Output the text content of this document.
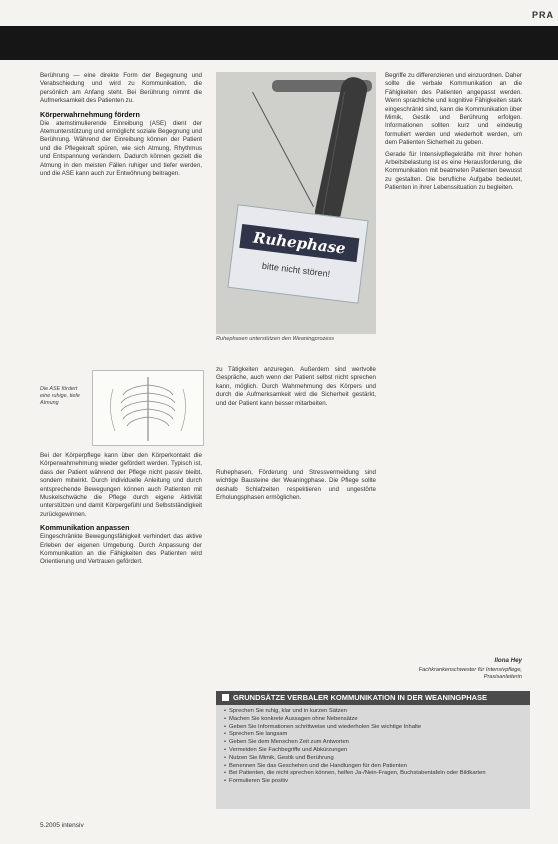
PRA

Berührung — eine direkte Form der Begegnung und Verabschiedung und wird zu Kommunikation, die persönlich am Anfang steht. Bei Berührung nimmt die Aufmerksamkeit des Patienten zu.

Körperwahrnehmung fördern

Die atemstimulierende Einreibung (ASE) dient der Atemunterstützung und ermöglicht soziale Begegnung und Berührung. Während der Einreibung können der Patient und die Pflegekraft spüren, wie sich Atmung, Rhythmus und Entspannung verändern. Dadurch können gezielt die Atmung in den meisten Fällen ruhiger und tiefer werden, und die ASE kann auch zur Entwöhnung beitragen.

Die ASE fördert eine ruhige, tiefe Atmung

Bei der Körperpflege kann über den Körperkontakt die Körperwahrnehmung wieder gefördert werden. Typisch ist, dass der Patient während der Pflege nicht passiv bleibt, sondern mitwirkt. Durch individuelle Anleitung und durch entsprechende Bewegungen können auch Patienten mit Muskelschwäche die Pflege durch eigene Aktivität unterstützen und damit Körpergefühl und Selbstständigkeit zurückgewinnen.

Kommunikation anpassen

Eingeschränkte Bewegungsfähigkeit verhindert das aktive Erleben der eigenen Umgebung. Durch Anpassung der Kommunikation an die Fähigkeiten des Patienten wird Orientierung und Vertrauen gefördert.

Ruhephase
bitte nicht stören!
Ruhephasen unterstützen den Weaningprozess

zu Tätigkeiten anzuregen. Außerdem sind wertvolle Gespräche, auch wenn der Patient selbst nicht sprechen kann, möglich. Durch Wahrnehmung des Körpers und durch die Aufmerksamkeit wird die Sicherheit gestärkt, und der Patient kann besser mitarbeiten.

Ruhephasen, Förderung und Stressvermeidung sind wichtige Bausteine der Weaningphase. Die Pflege sollte deshalb Schlafzeiten respektieren und ungestörte Erholungsphasen ermöglichen.

Begriffe zu differenzieren und einzuordnen. Daher sollte die verbale Kommunikation an die Fähigkeiten des Patienten angepasst werden. Wenn sprachliche und kognitive Fähigkeiten stark eingeschränkt sind, kann die Kommunikation über Mimik, Gestik und Berührung erfolgen. Informationen sollten kurz und eindeutig formuliert werden und wiederholt werden, um dem Patienten Sicherheit zu geben.

Gerade für Intensivpflegekräfte mit ihrer hohen Arbeitsbelastung ist es eine Herausforderung, die Kommunikation mit beatmeten Patienten bewusst zu gestalten. Die berufliche Aufgabe bedeutet, Patienten in ihrer Lebenssituation zu begleiten.

Ilona Hey
Fachkrankenschwester für Intensivpflege, Praxisanleiterin
GRUNDSÄTZE VERBALER KOMMUNIKATION IN DER WEANINGPHASE
• Sprechen Sie ruhig, klar und in kurzen Sätzen
• Machen Sie konkrete Aussagen ohne Nebensätze
• Geben Sie Informationen schrittweise und wiederholen Sie wichtige Inhalte
• Sprechen Sie langsam
• Geben Sie dem Menschen Zeit zum Antworten
• Vermeiden Sie Fachbegriffe und Abkürzungen
• Nutzen Sie Mimik, Gestik und Berührung
• Benennen Sie das Geschehen und die Handlungen für den Patienten
• Bei Patienten, die nicht sprechen können, helfen Ja-/Nein-Fragen, Buchstabentafeln oder Bildkarten
• Formulieren Sie positiv
5.2005 intensiv
